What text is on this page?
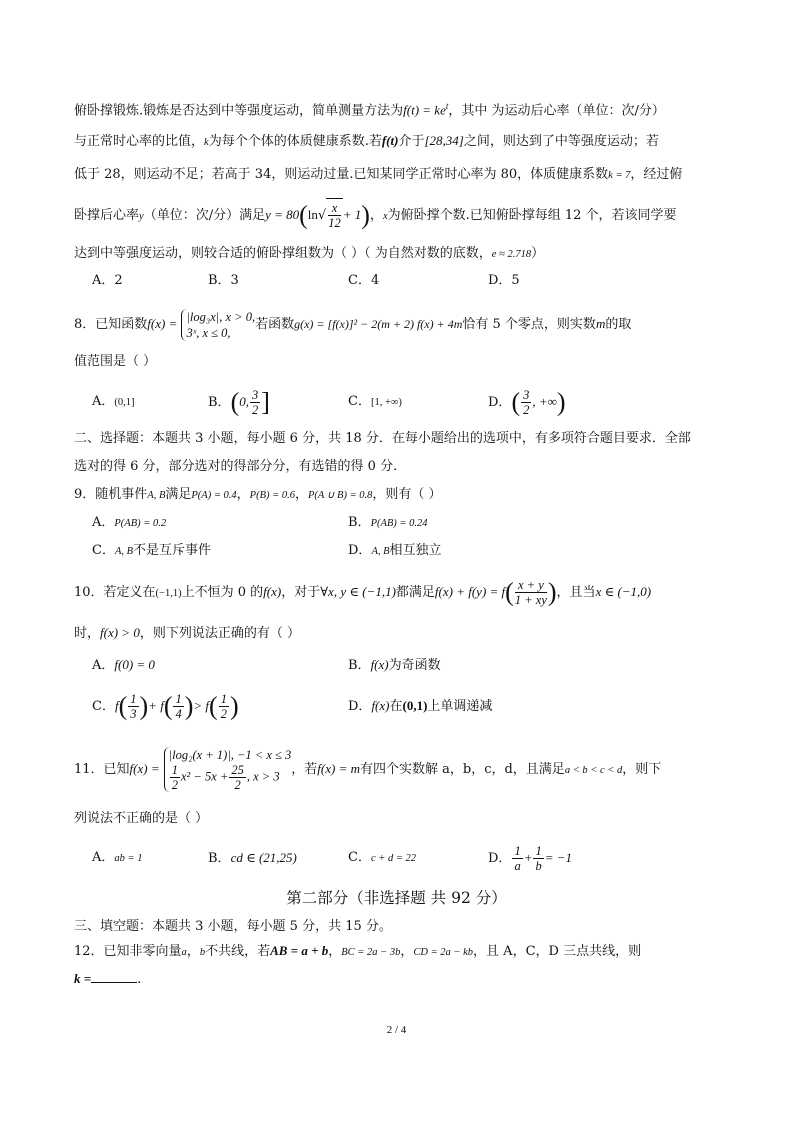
俯卧撑锻炼.锻炼是否达到中等强度运动，简单测量方法为$f(t) = ke^t$，其中 为运动后心率（单位：次/分）
与正常时心率的比值，k为每个个体的体质健康系数.若f(t)介于[28,34]之间，则达到了中等强度运动；若
低于 28，则运动不足；若高于 34，则运动过量.已知某同学正常时心率为 80，体质健康系数k = 7，经过俯
卧撑后心率y（单位：次/分）满足$y = 80(\ln√ \frac{x}{12} + 1)$，x为俯卧撑个数.已知俯卧撑每组 12 个，若该同学要
达到中等强度运动，则较合适的俯卧撑组数为（ ）（ 为自然对数的底数，e ≈ 2.718）
A．2	B．3	C．4	D．5
8．已知函数f(x) = |log₃x|, x > 0,
3ˣ, x ≤ 0,
若函数g(x) = [f(x)]² − 2(m + 2) f(x) + 4m恰有 5 个零点，则实数m的取
值范围是（ ）
A．(0,1]	B．(0, $\frac{3}{2}$ ]	C．[1, +∞)	D．( $\frac{3}{2}$ , +∞)
二、选择题：本题共 3 小题，每小题 6 分，共 18 分．在每小题给出的选项中，有多项符合题目要求．全部
选对的得 6 分，部分选对的得部分分，有选错的得 0 分．
9．随机事件A, B满足P(A) = 0.4，P(B) = 0.6，P(A ∪ B) = 0.8，则有（ ）
A．P(AB) = 0.2	B．P(AB) = 0.24
C．A, B不是互斥事件	D．A, B相互独立
10．若定义在(−1,1)上不恒为 0 的f(x)，对于∀x, y ∈ (−1,1)都满足$f(x) + f(y) = f( \frac{x + y}{1 + xy}$ )，且当x ∈ (−1,0)
时，f(x) > 0，则下列说法正确的有（ ）
A．f(0) = 0	B．f(x)为奇函数
C．$f( \frac{1}{3}$ )+ $f( \frac{1}{4}$ )> $f( \frac{1}{2}$ )	D．f(x)在(0,1)上单调递减
11．已知f(x) =
|log₂(x + 1)|, −1 < x ≤ 3
$\frac{1}{2} x^2 - 5x + \frac{25}{2}$ , x > 3 ，若f(x) = m有四个实数解 a，b，c，d，且满足a < b < c < d，则下
列说法不正确的是（ ）
A．ab = 1	B．cd ∈ (21,25)	C．c + d = 22	D． $\frac{1}{a} + \frac{1}{b} = -1$
第二部分（非选择题 共 92 分）
三、填空题：本题共 3 小题，每小题 5 分，共 15 分。
12．已知非零向量a，b不共线，若AB = a + b，BC = 2a − 3b，CD = 2a − kb，且 A，C，D 三点共线，则
k =	.
2 / 4
